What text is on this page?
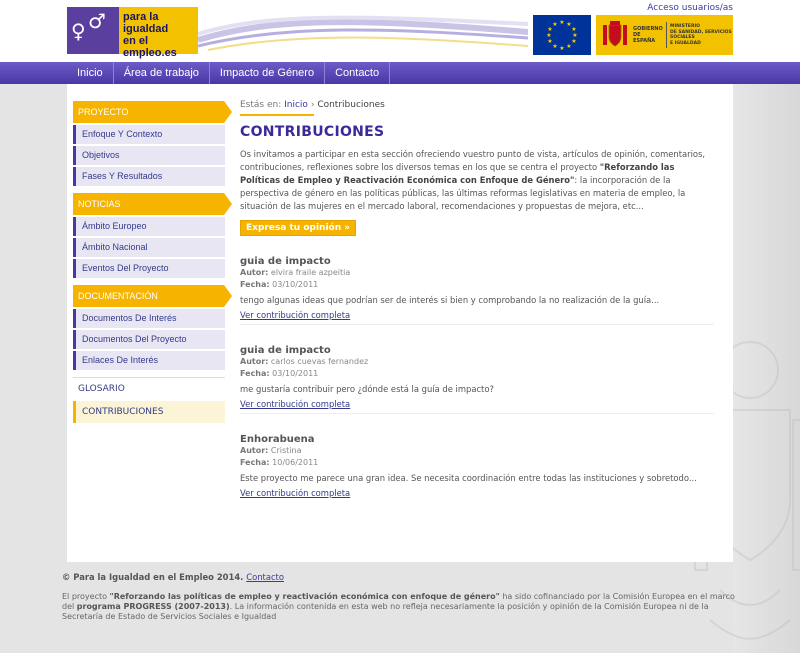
♀ ♂ para la
igualdad
en el empleo.es
Acceso usuarios/as
★ ★
★
★
★
★
★
★
★
★
★
★
GOBIERNO
DE ESPAÑA
MINISTERIO
DE SANIDAD, SERVICIOS SOCIALES
E IGUALDAD
Inicio	Área de trabajo	Impacto de Género	Contacto
PROYECTO
Enfoque Y Contexto
Objetivos
Fases Y Resultados
NOTICIAS
Ámbito Europeo
Ámbito Nacional
Eventos Del Proyecto
DOCUMENTACIÓN
Documentos De Interés
Documentos Del Proyecto
Enlaces De Interés
GLOSARIO
CONTRIBUCIONES
Estás en: Inicio › Contribuciones
CONTRIBUCIONES

Os invitamos a participar en esta sección ofreciendo vuestro punto de vista, artículos de opinión, comentarios, contribuciones, reflexiones sobre los diversos temas en los que se centra el proyecto "Reforzando las Políticas de Empleo y Reactivación Económica con Enfoque de Género": la incorporación de la perspectiva de género en las políticas públicas, las últimas reformas legislativas en materia de empleo, la situación de las mujeres en el mercado laboral, recomendaciones y propuestas de mejora, etc...

Expresa tu opinión »
guia de impacto
Autor: elvira fraile azpeitia
Fecha: 03/10/2011
tengo algunas ideas que podrían ser de interés si bien y comprobando la no realización de la guía...
Ver contribución completa
guia de impacto
Autor: carlos cuevas fernandez
Fecha: 03/10/2011
me gustaría contribuir pero ¿dónde está la guía de impacto?
Ver contribución completa
Enhorabuena
Autor: Cristina
Fecha: 10/06/2011
Este proyecto me parece una gran idea. Se necesita coordinación entre todas las instituciones y sobretodo...
Ver contribución completa
© Para la Igualdad en el Empleo 2014. Contacto

El proyecto "Reforzando las políticas de empleo y reactivación económica con enfoque de género" ha sido cofinanciado por la Comisión Europea en el marco del programa PROGRESS (2007-2013). La información contenida en esta web no refleja necesariamente la posición y opinión de la Comisión Europea ni de la Secretaría de Estado de Servicios Sociales e Igualdad
